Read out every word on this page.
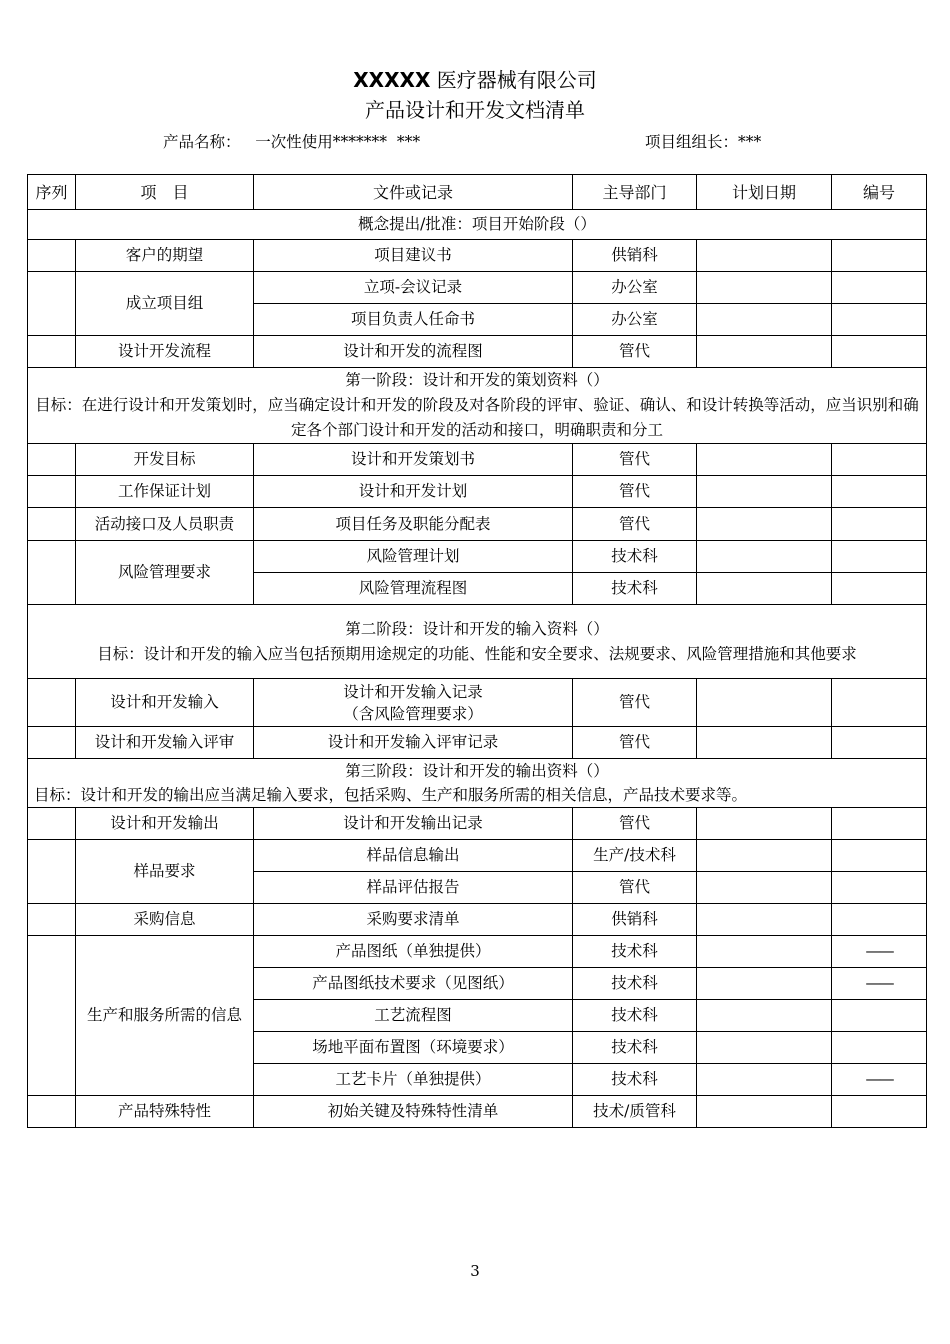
XXXXX 医疗器械有限公司
产品设计和开发文档清单
产品名称： 一次性使用*******  ***	项目组组长：***
序列	项　目	文件或记录	主导部门	计划日期	编号
概念提出/批准：项目开始阶段（）					
	客户的期望	项目建议书	供销科		
	成立项目组	立项-会议记录	办公室		
		项目负责人任命书	办公室		
	设计开发流程	设计和开发的流程图	管代		

第一阶段：设计和开发的策划资料（）
目标：在进行设计和开发策划时，应当确定设计和开发的阶段及对各阶段的评审、验证、确认、和设计转换等活动，应当识别和确定各个部门设计和开发的活动和接口，明确职责和分工					

	开发目标	设计和开发策划书	管代		
	工作保证计划	设计和开发计划	管代		
	活动接口及人员职责	项目任务及职能分配表	管代		
	风险管理要求	风险管理计划	技术科		
		风险管理流程图	技术科		

第二阶段：设计和开发的输入资料（）
目标：设计和开发的输入应当包括预期用途规定的功能、性能和安全要求、法规要求、风险管理措施和其他要求					

	设计和开发输入	设计和开发输入记录
（含风险管理要求）	管代		
	设计和开发输入评审	设计和开发输入评审记录	管代		

第三阶段：设计和开发的输出资料（）
目标：设计和开发的输出应当满足输入要求，包括采购、生产和服务所需的相关信息，产品技术要求等。					

	设计和开发输出	设计和开发输出记录	管代		
	样品要求	样品信息输出	生产/技术科		
		样品评估报告	管代		
	采购信息	采购要求清单	供销科		
	生产和服务所需的信息	产品图纸（单独提供）	技术科		——
		产品图纸技术要求（见图纸）	技术科		——
		工艺流程图	技术科		
		场地平面布置图（环境要求）	技术科		
		工艺卡片（单独提供）	技术科		——
	产品特殊特性	初始关键及特殊特性清单	技术/质管科		
3
